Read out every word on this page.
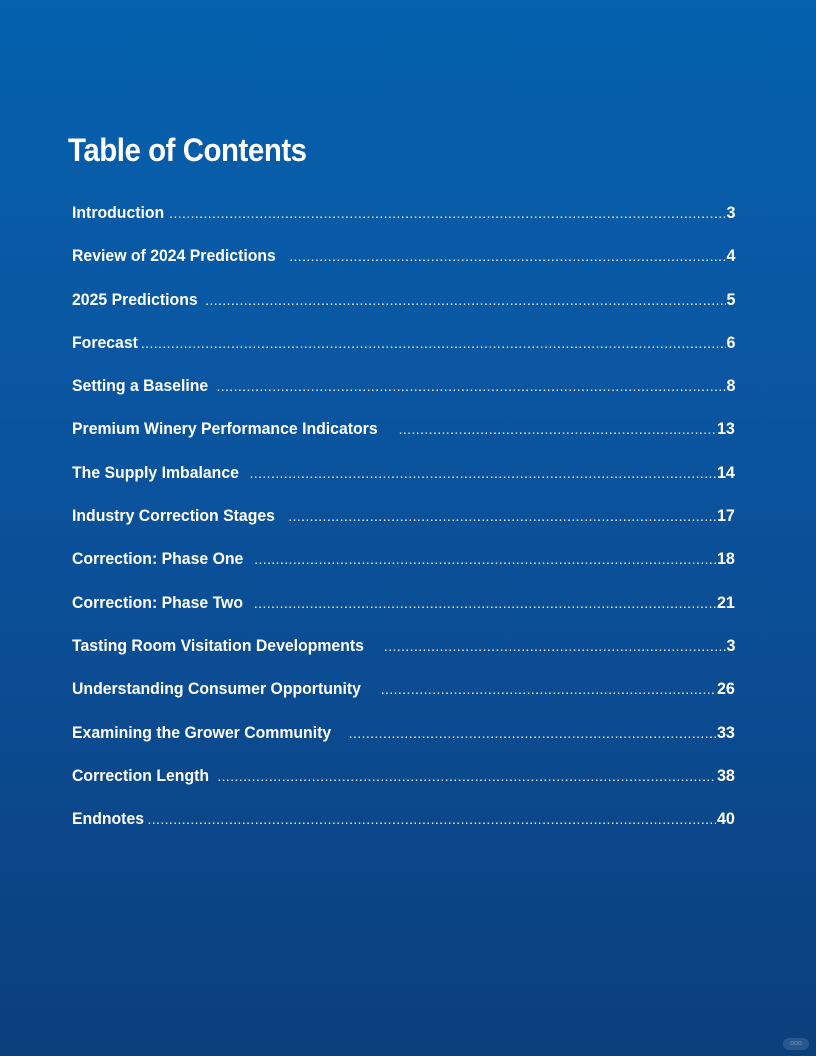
Table of Contents
Introduction .....	3
Review of 2024 Predictions .....	4
2025 Predictions .....	5
Forecast .....	6
Setting a Baseline .....	8
Premium Winery Performance Indicators .....	13
The Supply Imbalance .....	14
Industry Correction Stages .....	17
Correction: Phase One .....	18
Correction: Phase Two .....	21
Tasting Room Visitation Developments .....	3
Understanding Consumer Opportunity .....	26
Examining the Grower Community .....	33
Correction Length .....	38
Endnotes .....	40
ooo
